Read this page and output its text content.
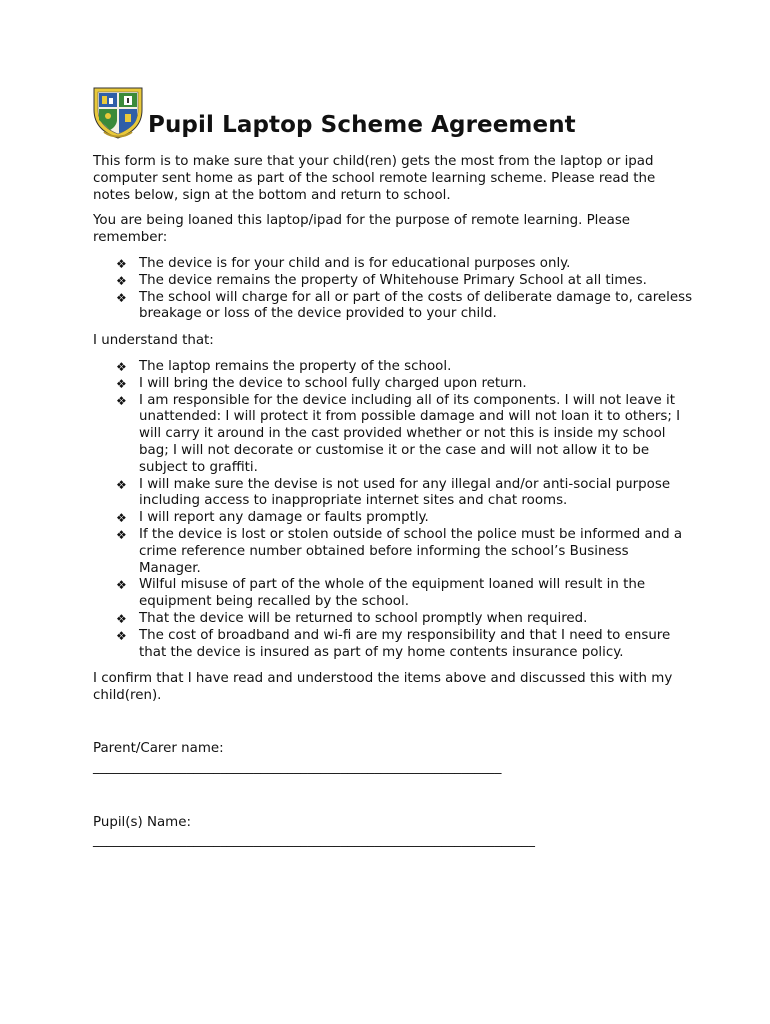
Pupil Laptop Scheme Agreement

This form is to make sure that your child(ren) gets the most from the laptop or ipad computer sent home as part of the school remote learning scheme. Please read the notes below, sign at the bottom and return to school.

You are being loaned this laptop/ipad for the purpose of remote learning. Please remember:

❖ The device is for your child and is for educational purposes only.
❖ The device remains the property of Whitehouse Primary School at all times.
❖ The school will charge for all or part of the costs of deliberate damage to, careless breakage or loss of the device provided to your child.

I understand that:

❖ The laptop remains the property of the school.
❖ I will bring the device to school fully charged upon return.
❖ I am responsible for the device including all of its components. I will not leave it unattended: I will protect it from possible damage and will not loan it to others; I will carry it around in the cast provided whether or not this is inside my school bag; I will not decorate or customise it or the case and will not allow it to be subject to graffiti.
❖ I will make sure the devise is not used for any illegal and/or anti-social purpose including access to inappropriate internet sites and chat rooms.
❖ I will report any damage or faults promptly.
❖ If the device is lost or stolen outside of school the police must be informed and a crime reference number obtained before informing the school’s Business Manager.
❖ Wilful misuse of part of the whole of the equipment loaned will result in the equipment being recalled by the school.
❖ That the device will be returned to school promptly when required.
❖ The cost of broadband and wi-fi are my responsibility and that I need to ensure that the device is insured as part of my home contents insurance policy.

I confirm that I have read and understood the items above and discussed this with my child(ren).

Parent/Carer name:
_____________________________________________________________
Pupil(s) Name:
__________________________________________________________________
